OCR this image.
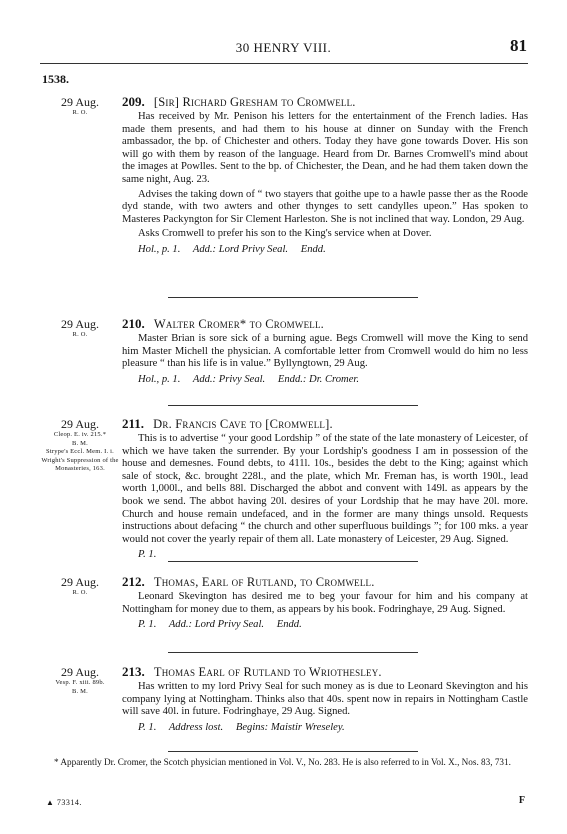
30 HENRY VIII.	81
1538.
29 Aug.
R. O.
209. [Sir] Richard Gresham to Cromwell.

Has received by Mr. Penison his letters for the entertainment of the French ladies. Has made them presents, and had them to his house at dinner on Sunday with the French ambassador, the bp. of Chichester and others. Today they have gone towards Dover. His son will go with them by reason of the language. Heard from Dr. Barnes Cromwell's mind about the images at Powlles. Sent to the bp. of Chichester, the Dean, and he had them taken down the same night, Aug. 23.

Advises the taking down of “ two stayers that goithe upe to a hawle passe ther as the Roode dyd stande, with two awters and other thynges to sett candylles upeon.” Has spoken to Masteres Packyngton for Sir Clement Harleston. She is not inclined that way. London, 29 Aug.

Asks Cromwell to prefer his son to the King's service when at Dover.

Hol., p. 1. Add.: Lord Privy Seal. Endd.
29 Aug.
R. O.
210. Walter Cromer* to Cromwell.

Master Brian is sore sick of a burning ague. Begs Cromwell will move the King to send him Master Michell the physician. A comfortable letter from Cromwell would do him no less pleasure “ than his life is in value.” Byllyngtown, 29 Aug.

Hol., p. 1. Add.: Privy Seal. Endd.: Dr. Cromer.
29 Aug.
Cleop. E. iv. 215.*
B. M.
Strype's Eccl. Mem. I. i.
Wright's Suppression of the Monasteries, 163.
211. Dr. Francis Cave to [Cromwell].

This is to advertise “ your good Lordship ” of the state of the late monastery of Leicester, of which we have taken the surrender. By your Lordship's goodness I am in possession of the house and demesnes. Found debts, to 411l. 10s., besides the debt to the King; against which sale of stock, &c. brought 228l., and the plate, which Mr. Freman has, is worth 190l., lead worth 1,000l., and bells 88l. Discharged the abbot and convent with 149l. as appears by the book we send. The abbot having 20l. desires of your Lordship that he may have 20l. more. Church and house remain undefaced, and in the former are many things unsold. Requests instructions about defacing “ the church and other superfluous buildings ”; for 100 mks. a year would not cover the yearly repair of them all. Late monastery of Leicester, 29 Aug. Signed.

P. 1.
29 Aug.
R. O.
212. Thomas, Earl of Rutland, to Cromwell.

Leonard Skevington has desired me to beg your favour for him and his company at Nottingham for money due to them, as appears by his book. Fodringhaye, 29 Aug. Signed.

P. 1. Add.: Lord Privy Seal. Endd.
29 Aug.
Vesp. F. xiii. 89b.
B. M.
213. Thomas Earl of Rutland to Wriothesley.

Has written to my lord Privy Seal for such money as is due to Leonard Skevington and his company lying at Nottingham. Thinks also that 40s. spent now in repairs in Nottingham Castle will save 40l. in future. Fodringhaye, 29 Aug. Signed.

P. 1. Address lost. Begins: Maistir Wreseley.
* Apparently Dr. Cromer, the Scotch physician mentioned in Vol. V., No. 283. He is also referred to in Vol. X., Nos. 83, 731.
▲ 73314.	F
